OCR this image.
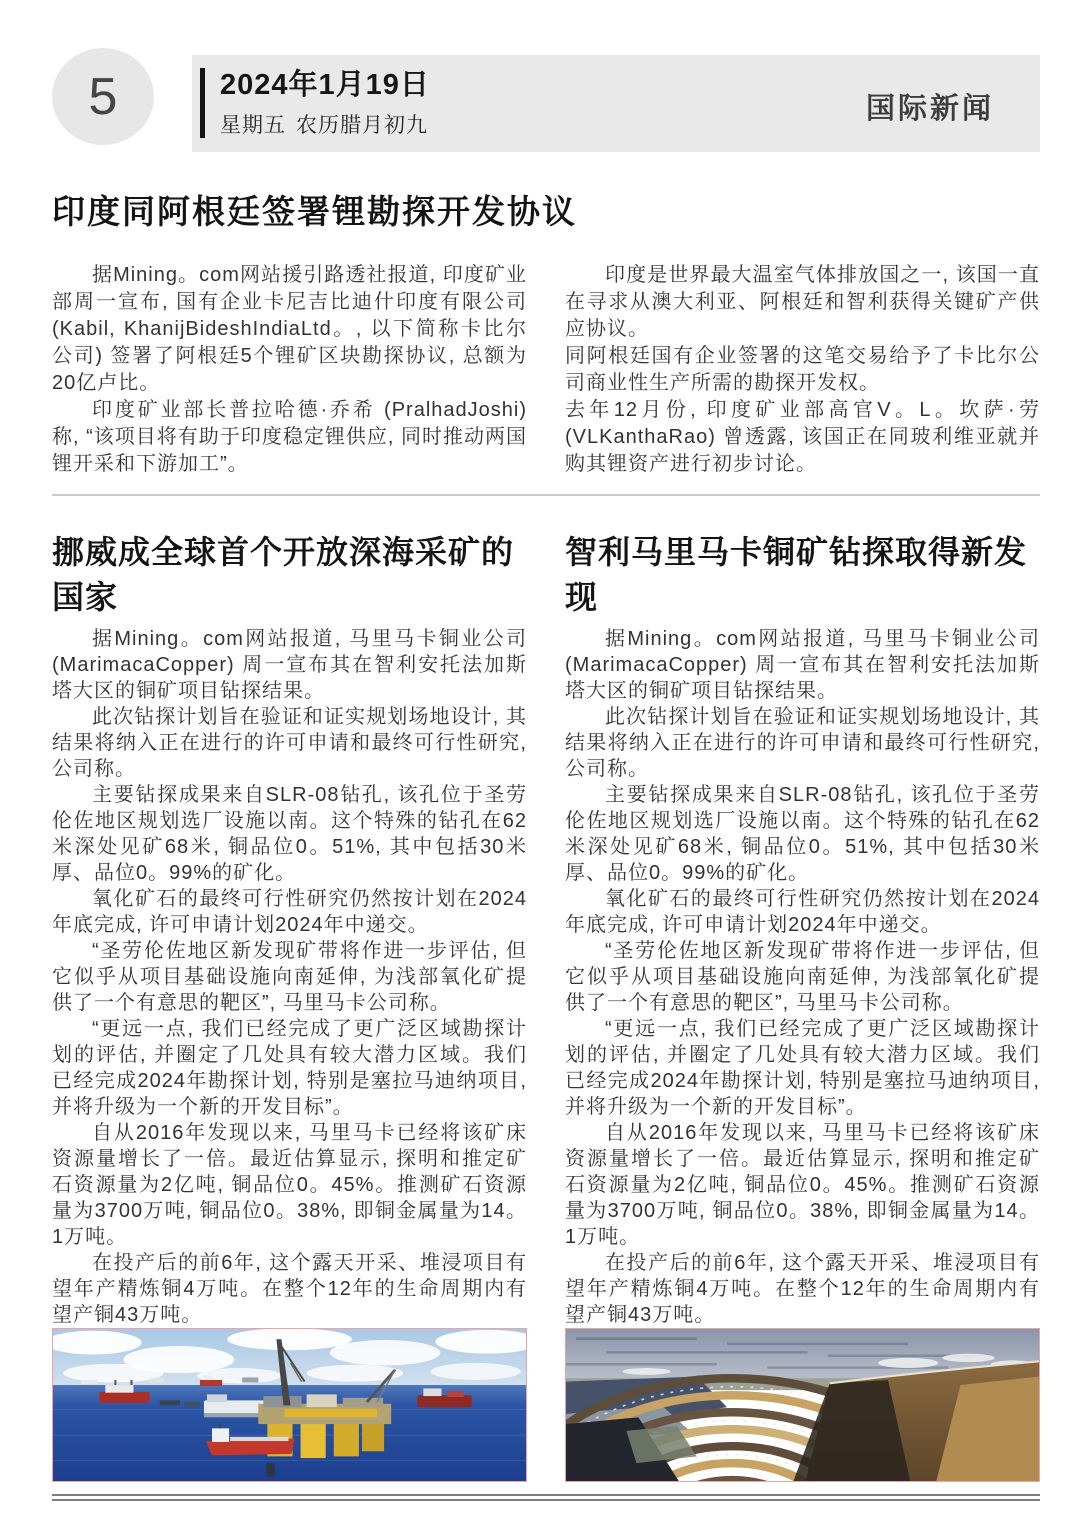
5	2024年1月19日
星期五 农历腊月初九
国际新闻
印度同阿根廷签署锂勘探开发协议

据Mining。com网站援引路透社报道, 印度矿业部周一宣布, 国有企业卡尼吉比迪什印度有限公司 (Kabil, KhanijBideshIndiaLtd。, 以下简称卡比尔公司) 签署了阿根廷5个锂矿区块勘探协议, 总额为20亿卢比。

印度矿业部长普拉哈德·乔希 (PralhadJoshi) 称, “该项目将有助于印度稳定锂供应, 同时推动两国锂开采和下游加工”。

印度是世界最大温室气体排放国之一, 该国一直在寻求从澳大利亚、阿根廷和智利获得关键矿产供应协议。

同阿根廷国有企业签署的这笔交易给予了卡比尔公司商业性生产所需的勘探开发权。

去年12月份, 印度矿业部高官V。L。坎萨·劳 (VLKanthaRao) 曾透露, 该国正在同玻利维亚就并购其锂资产进行初步讨论。

挪威成全球首个开放深海采矿的国家

据Mining。com网站报道, 马里马卡铜业公司 (MarimacaCopper) 周一宣布其在智利安托法加斯塔大区的铜矿项目钻探结果。

此次钻探计划旨在验证和证实规划场地设计, 其结果将纳入正在进行的许可申请和最终可行性研究, 公司称。

主要钻探成果来自SLR-08钻孔, 该孔位于圣劳伦佐地区规划选厂设施以南。这个特殊的钻孔在62米深处见矿68米, 铜品位0。51%, 其中包括30米厚、品位0。99%的矿化。

氧化矿石的最终可行性研究仍然按计划在2024年底完成, 许可申请计划2024年中递交。

“圣劳伦佐地区新发现矿带将作进一步评估, 但它似乎从项目基础设施向南延伸, 为浅部氧化矿提供了一个有意思的靶区”, 马里马卡公司称。

“更远一点, 我们已经完成了更广泛区域勘探计划的评估, 并圈定了几处具有较大潜力区域。我们已经完成2024年勘探计划, 特别是塞拉马迪纳项目, 并将升级为一个新的开发目标”。

自从2016年发现以来, 马里马卡已经将该矿床资源量增长了一倍。最近估算显示, 探明和推定矿石资源量为2亿吨, 铜品位0。45%。推测矿石资源量为3700万吨, 铜品位0。38%, 即铜金属量为14。1万吨。

在投产后的前6年, 这个露天开采、堆浸项目有望年产精炼铜4万吨。在整个12年的生命周期内有望产铜43万吨。

智利马里马卡铜矿钻探取得新发现

据Mining。com网站报道, 马里马卡铜业公司 (MarimacaCopper) 周一宣布其在智利安托法加斯塔大区的铜矿项目钻探结果。

此次钻探计划旨在验证和证实规划场地设计, 其结果将纳入正在进行的许可申请和最终可行性研究, 公司称。

主要钻探成果来自SLR-08钻孔, 该孔位于圣劳伦佐地区规划选厂设施以南。这个特殊的钻孔在62米深处见矿68米, 铜品位0。51%, 其中包括30米厚、品位0。99%的矿化。

氧化矿石的最终可行性研究仍然按计划在2024年底完成, 许可申请计划2024年中递交。

“圣劳伦佐地区新发现矿带将作进一步评估, 但它似乎从项目基础设施向南延伸, 为浅部氧化矿提供了一个有意思的靶区”, 马里马卡公司称。

“更远一点, 我们已经完成了更广泛区域勘探计划的评估, 并圈定了几处具有较大潜力区域。我们已经完成2024年勘探计划, 特别是塞拉马迪纳项目, 并将升级为一个新的开发目标”。

自从2016年发现以来, 马里马卡已经将该矿床资源量增长了一倍。最近估算显示, 探明和推定矿石资源量为2亿吨, 铜品位0。45%。推测矿石资源量为3700万吨, 铜品位0。38%, 即铜金属量为14。1万吨。

在投产后的前6年, 这个露天开采、堆浸项目有望年产精炼铜4万吨。在整个12年的生命周期内有望产铜43万吨。
